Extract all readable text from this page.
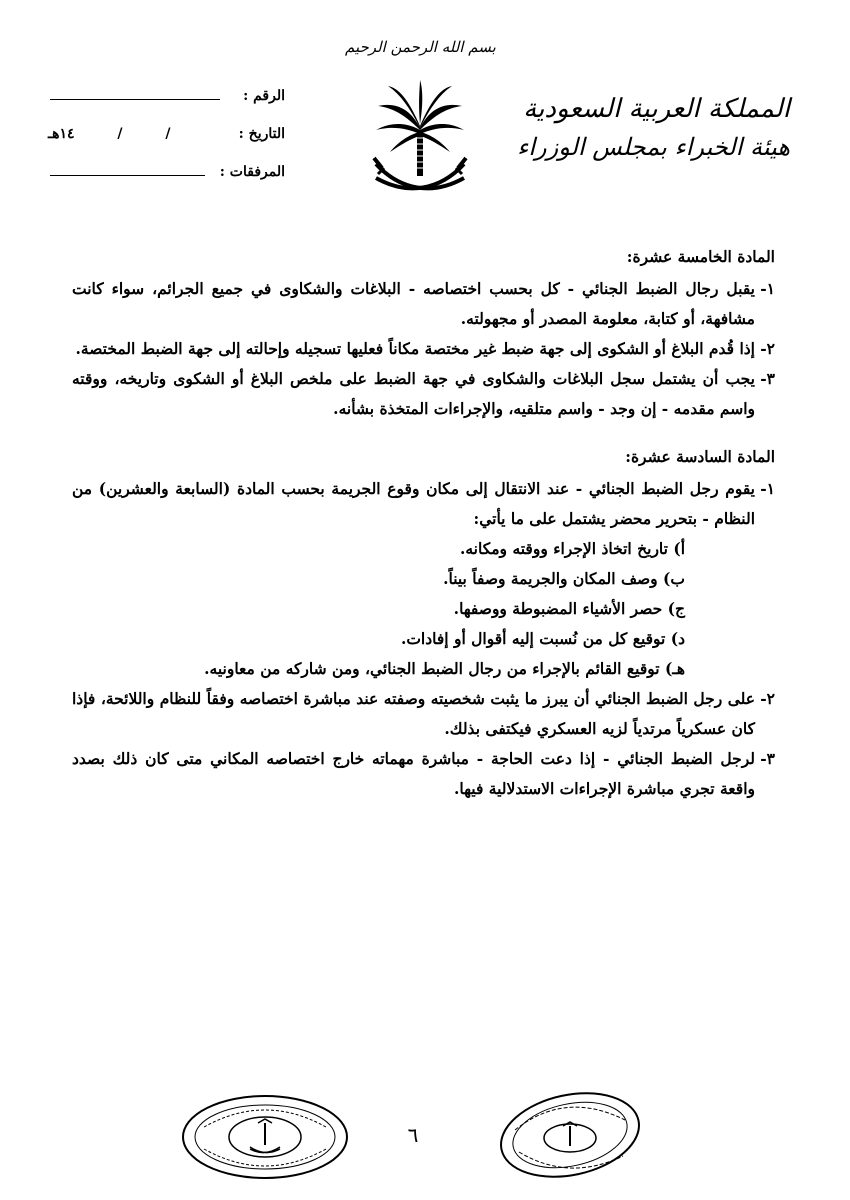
بسم الله الرحمن الرحيم
المملكة العربية السعودية
هيئة الخبراء بمجلس الوزراء
الرقم :
التاريخ :
/ / ١٤هـ
المرفقات :
المادة الخامسة عشرة:
١-
يقبل رجال الضبط الجنائي - كل بحسب اختصاصه - البلاغات والشكاوى في جميع الجرائم، سواء كانت مشافهة، أو كتابة، معلومة المصدر أو مجهولته.
٢-
إذا قُدم البلاغ أو الشكوى إلى جهة ضبط غير مختصة مكاناً فعليها تسجيله وإحالته إلى جهة الضبط المختصة.
٣-
يجب أن يشتمل سجل البلاغات والشكاوى في جهة الضبط على ملخص البلاغ أو الشكوى وتاريخه، ووقته واسم مقدمه - إن وجد - واسم متلقيه، والإجراءات المتخذة بشأنه.
المادة السادسة عشرة:
١-
يقوم رجل الضبط الجنائي - عند الانتقال إلى مكان وقوع الجريمة بحسب المادة (السابعة والعشرين) من النظام - بتحرير محضر يشتمل على ما يأتي:
أ) تاريخ اتخاذ الإجراء ووقته ومكانه.
ب) وصف المكان والجريمة وصفاً بيناً.
ج) حصر الأشياء المضبوطة ووصفها.
د) توقيع كل من نُسبت إليه أقوال أو إفادات.
هـ) توقيع القائم بالإجراء من رجال الضبط الجنائي، ومن شاركه من معاونيه.
٢-
على رجل الضبط الجنائي أن يبرز ما يثبت شخصيته وصفته عند مباشرة اختصاصه وفقاً للنظام واللائحة، فإذا كان عسكرياً مرتدياً لزيه العسكري فيكتفى بذلك.
٣-
لرجل الضبط الجنائي - إذا دعت الحاجة - مباشرة مهماته خارج اختصاصه المكاني متى كان ذلك بصدد واقعة تجري مباشرة الإجراءات الاستدلالية فيها.
٦
